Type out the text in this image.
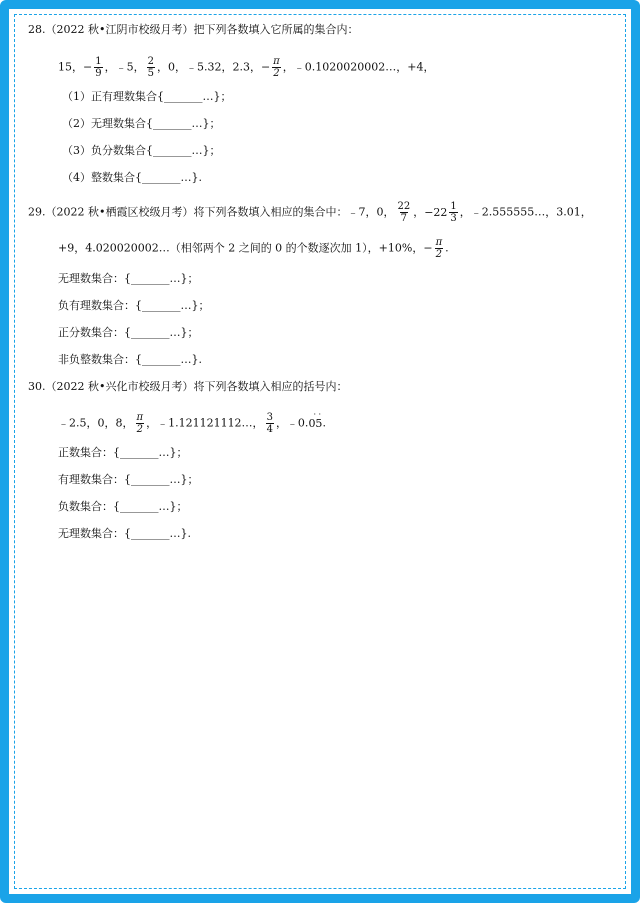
28.（2022 秋•江阴市校级月考）把下列各数填入它所属的集合内：
15，− $\frac{1}{9}$ ，﹣5， $\frac{2}{5}$ ，0，﹣5.32，2.3，− $\frac{\pi}{2}$ ，﹣0.1020020002…，+4，
（1）正有理数集合{_______…}；
（2）无理数集合{_______…}；
（3）负分数集合{_______…}；
（4）整数集合{_______…}.
29.（2022 秋•栖霞区校级月考）将下列各数填入相应的集合中：﹣7，0， $\frac{22}{7}$ ， $-22 \frac{1}{3}$ ，﹣2.555555…，3.01，
+9，4.020020002…（相邻两个 2 之间的 0 的个数逐次加 1），+10%，− $\frac{\pi}{2}$ .
无理数集合：{_______…}；
负有理数集合：{_______…}；
正分数集合：{_______…}；
非负整数集合：{_______…}.
30.（2022 秋•兴化市校级月考）将下列各数填入相应的括号内：
﹣2.5，0，8， $\frac{\pi}{2}$ ，﹣1.121121112…， $\frac{3}{4}$ ，﹣0.· · 05.
正数集合：{_______…}；
有理数集合：{_______…}；
负数集合：{_______…}；
无理数集合：{_______…}.
